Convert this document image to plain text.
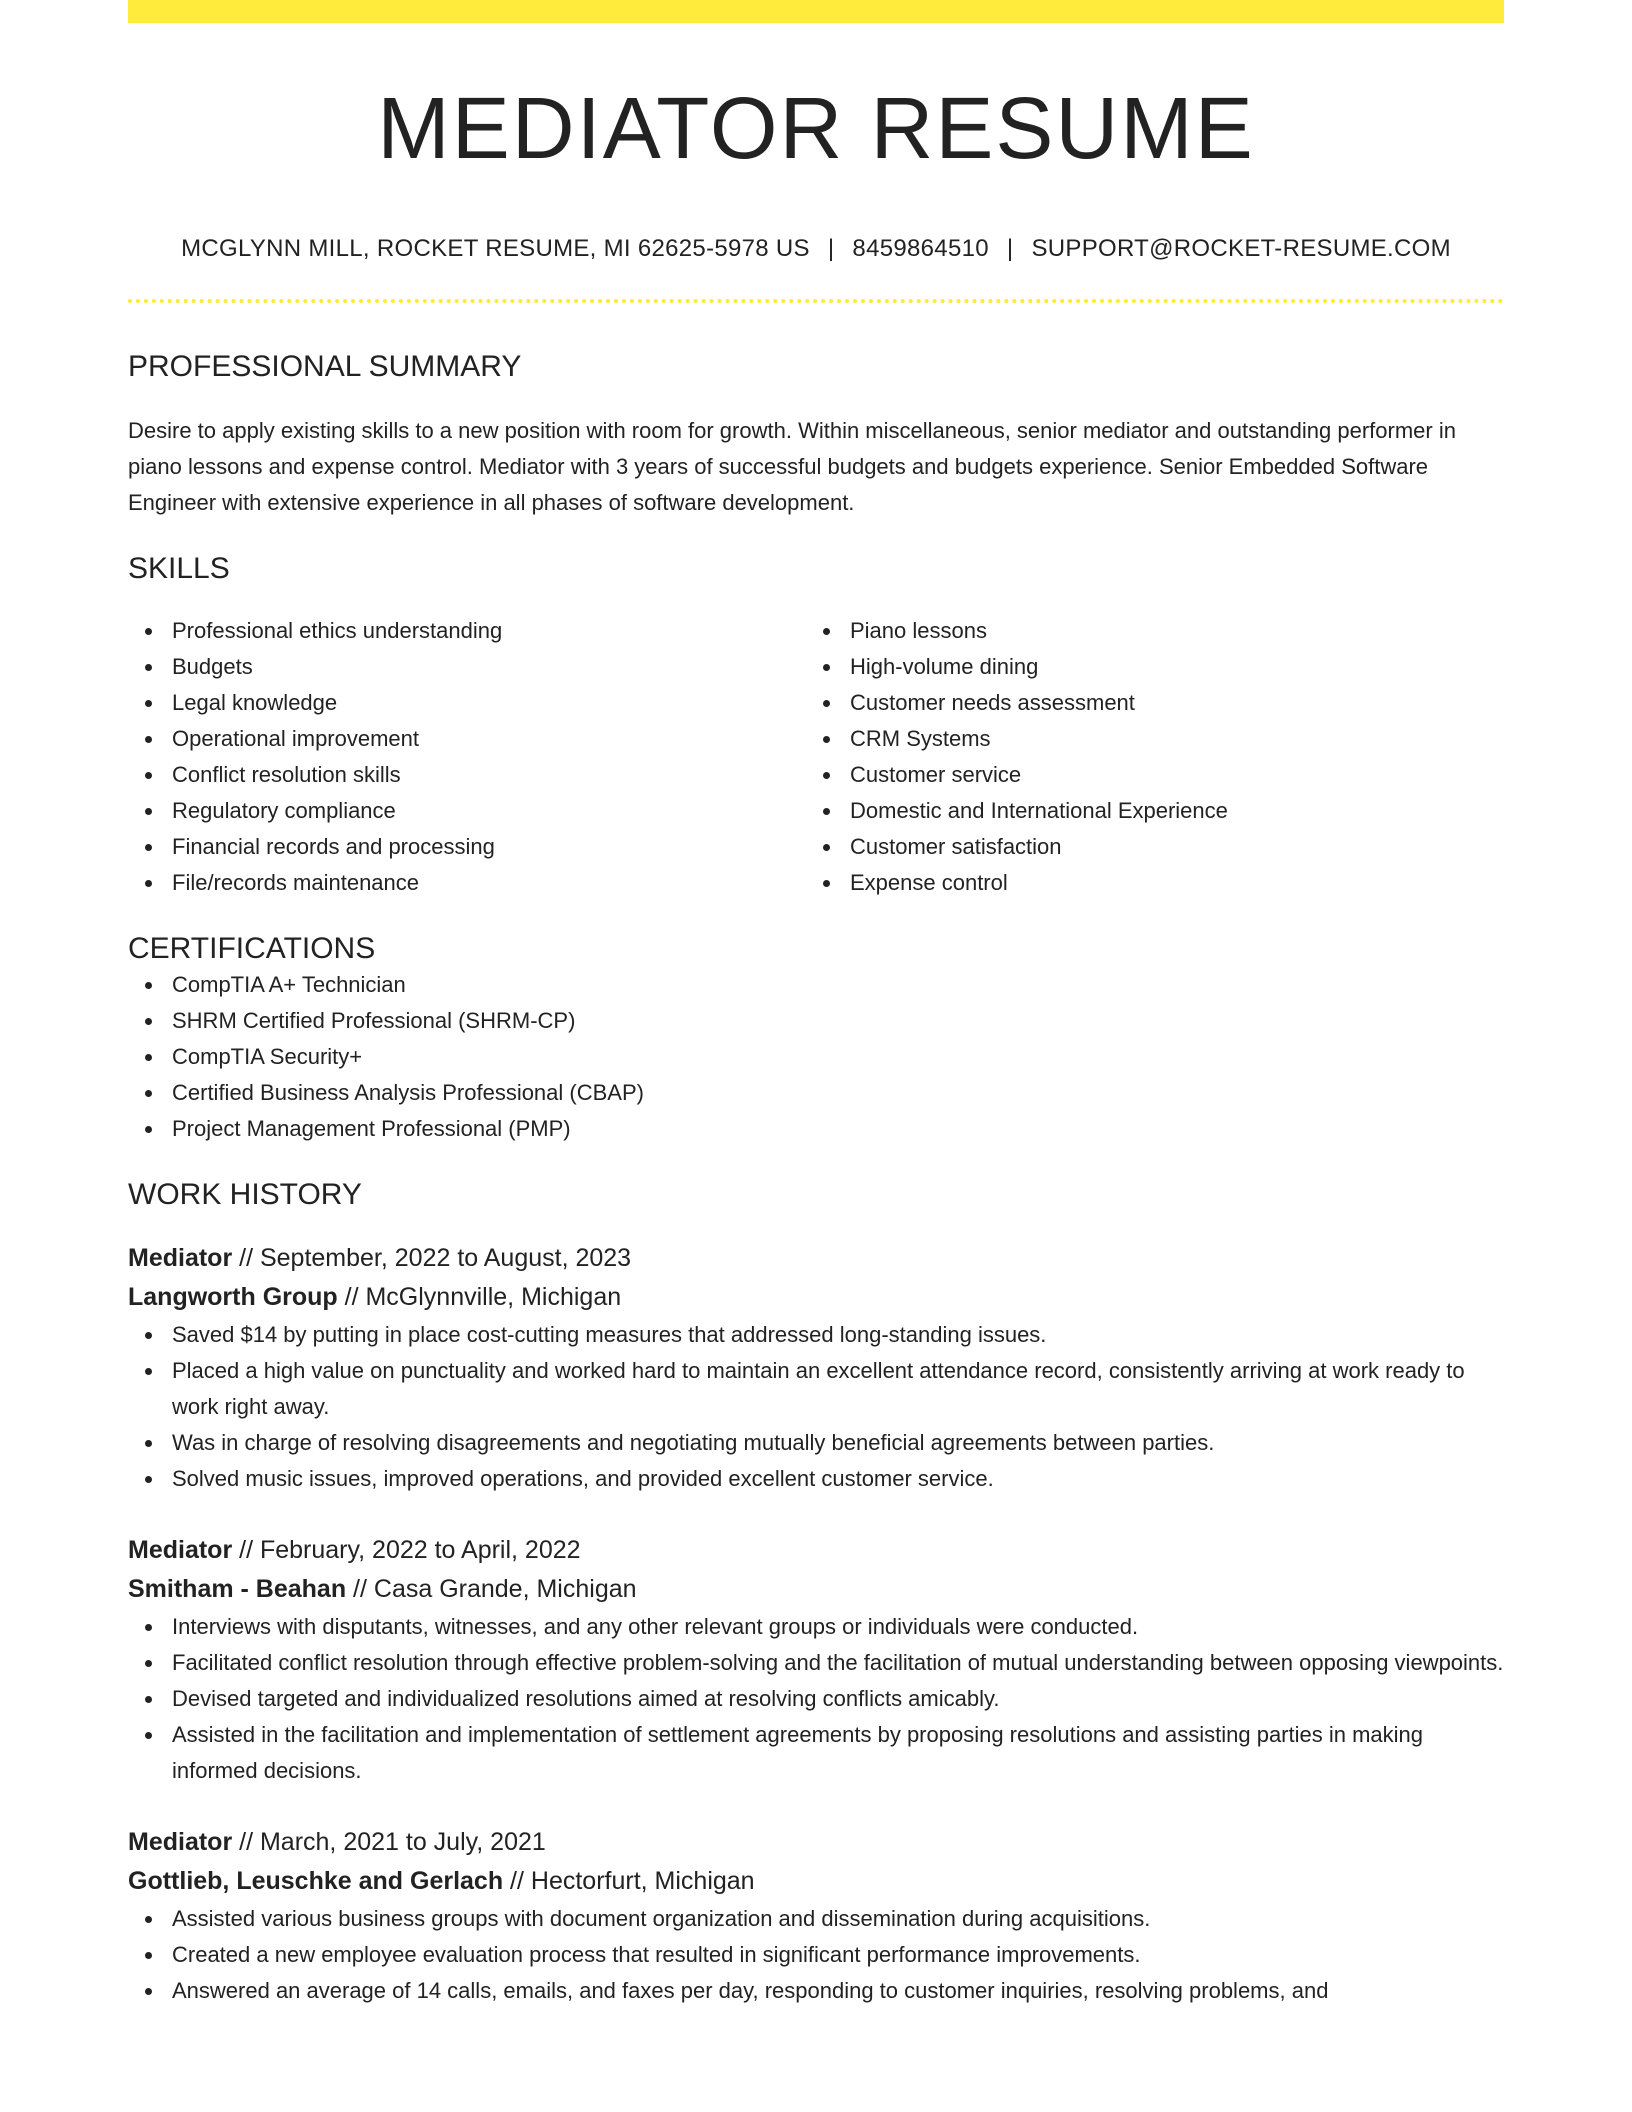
MEDIATOR RESUME
MCGLYNN MILL, ROCKET RESUME, MI 62625-5978 US | 8459864510 | SUPPORT@ROCKET-RESUME.COM
PROFESSIONAL SUMMARY

Desire to apply existing skills to a new position with room for growth. Within miscellaneous, senior mediator and outstanding performer in piano lessons and expense control. Mediator with 3 years of successful budgets and budgets experience. Senior Embedded Software Engineer with extensive experience in all phases of software development.

SKILLS
Professional ethics understanding
Budgets
Legal knowledge
Operational improvement
Conflict resolution skills
Regulatory compliance
Financial records and processing
File/records maintenance
Piano lessons
High-volume dining
Customer needs assessment
CRM Systems
Customer service
Domestic and International Experience
Customer satisfaction
Expense control
CERTIFICATIONS
CompTIA A+ Technician
SHRM Certified Professional (SHRM-CP)
CompTIA Security+
Certified Business Analysis Professional (CBAP)
Project Management Professional (PMP)
WORK HISTORY
Mediator // September, 2022 to August, 2023
Langworth Group // McGlynnville, Michigan
Saved $14 by putting in place cost-cutting measures that addressed long-standing issues.
Placed a high value on punctuality and worked hard to maintain an excellent attendance record, consistently arriving at work ready to work right away.
Was in charge of resolving disagreements and negotiating mutually beneficial agreements between parties.
Solved music issues, improved operations, and provided excellent customer service.
Mediator // February, 2022 to April, 2022
Smitham - Beahan // Casa Grande, Michigan
Interviews with disputants, witnesses, and any other relevant groups or individuals were conducted.
Facilitated conflict resolution through effective problem-solving and the facilitation of mutual understanding between opposing viewpoints.
Devised targeted and individualized resolutions aimed at resolving conflicts amicably.
Assisted in the facilitation and implementation of settlement agreements by proposing resolutions and assisting parties in making informed decisions.
Mediator // March, 2021 to July, 2021
Gottlieb, Leuschke and Gerlach // Hectorfurt, Michigan
Assisted various business groups with document organization and dissemination during acquisitions.
Created a new employee evaluation process that resulted in significant performance improvements.
Answered an average of 14 calls, emails, and faxes per day, responding to customer inquiries, resolving problems, and
